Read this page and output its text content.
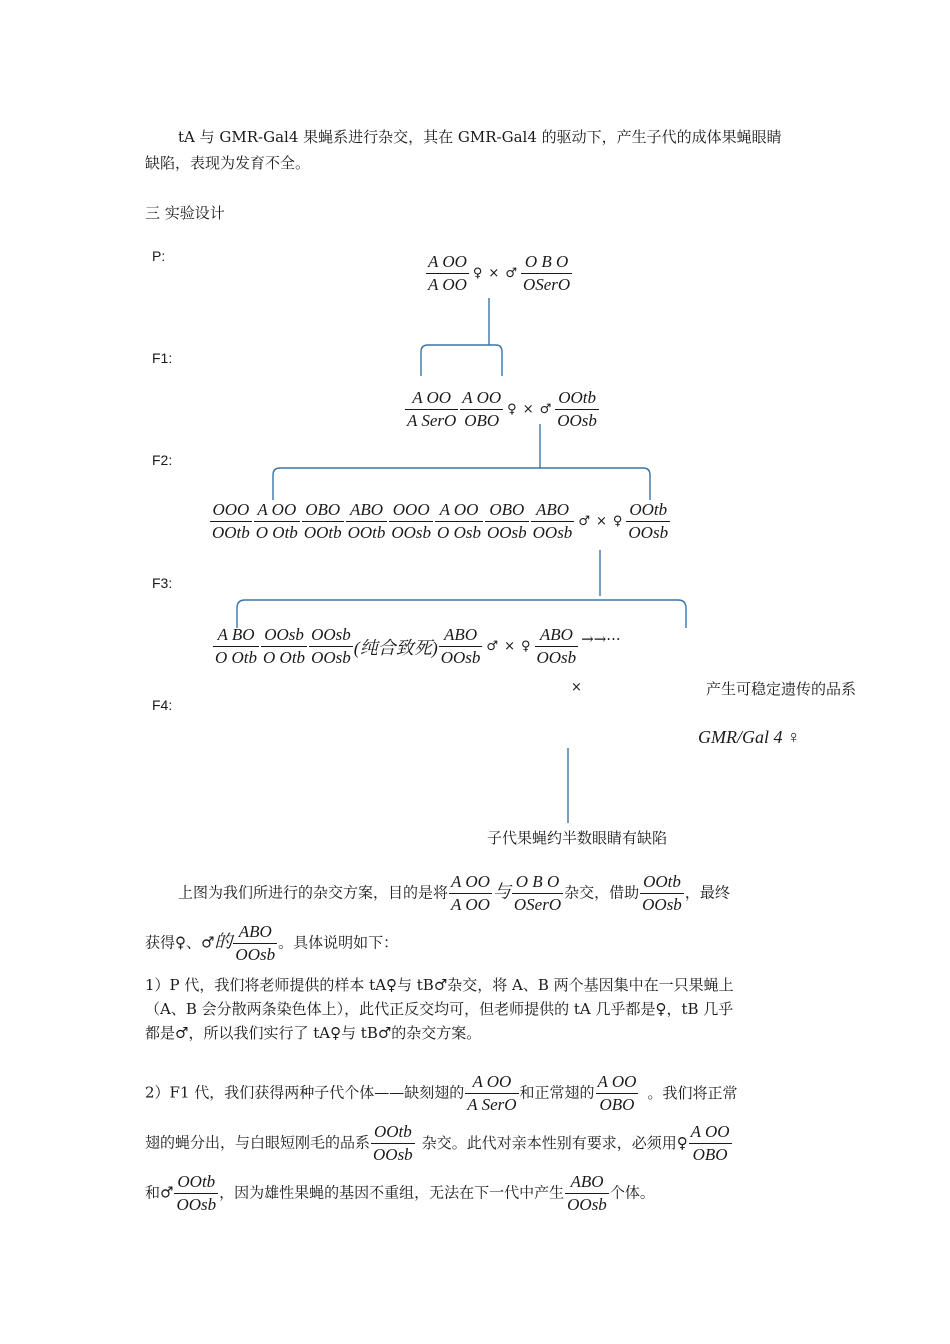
tA 与 GMR-Gal4 果蝇系进行杂交，其在 GMR-Gal4 的驱动下，产生子代的成体果蝇眼睛
缺陷，表现为发育不全。
三 实验设计
P:
F1:
F2:
F3:
F4:
$\frac{\text{A OO}}{\text{A OO}}$ ♀ × ♂ $\frac{\text{O B O}}{\text{OSerO}}$
$\frac{\text{A OO}}{\text{A SerO}} \frac{\text{A OO}}{\text{OBO}}$ ♀ × ♂ $\frac{\text{OOtb}}{\text{OOsb}}$
$\frac{\text{OOO}}{\text{OOtb}} \frac{\text{A OO}}{\text{O Otb}} \frac{\text{OBO}}{\text{OOtb}} \frac{\text{ABO}}{\text{OOtb}} \frac{\text{OOO}}{\text{OOsb}} \frac{\text{A OO}}{\text{O Osb}} \frac{\text{OBO}}{\text{OOsb}} \frac{\text{ABO}}{\text{OOsb}}$ ♂ × ♀ $\frac{\text{OOtb}}{\text{OOsb}}$
$\frac{\text{A BO}}{\text{O Otb}} \frac{\text{OOsb}}{\text{O Otb}} \frac{\text{OOsb}}{\text{OOsb}}$ (纯合致死) $\frac{\text{ABO}}{\text{OOsb}}$ ♂ × ♀ $\frac{\text{ABO}}{\text{OOsb}}$ →→···
×	产生可稳定遗传的品系
GMR/Gal 4 ♀
子代果蝇约半数眼睛有缺陷
上图为我们所进行的杂交方案，目的是将 $\frac{\text{A OO}}{\text{A OO}}$ 与 $\frac{\text{O B O}}{\text{OSerO}}$ 杂交，借助 $\frac{\text{OOtb}}{\text{OOsb}}$ ，最终
获得♀、♂的 $\frac{\text{ABO}}{\text{OOsb}}$ 。具体说明如下：
1）P 代，我们将老师提供的样本 tA♀与 tB♂杂交，将 A、B 两个基因集中在一只果蝇上
（A、B 会分散两条染色体上），此代正反交均可，但老师提供的 tA 几乎都是♀，tB 几乎
都是♂，所以我们实行了 tA♀与 tB♂的杂交方案。
2）F1 代，我们获得两种子代个体——缺刻翅的 $\frac{\text{A OO}}{\text{A SerO}}$ 和正常翅的 $\frac{\text{A OO}}{\text{OBO}}$ 。我们将正常
翅的蝇分出，与白眼短刚毛的品系 $\frac{\text{OOtb}}{\text{OOsb}}$ 杂交。此代对亲本性别有要求，必须用♀ $\frac{\text{A OO}}{\text{OBO}}$
和♂ $\frac{\text{OOtb}}{\text{OOsb}}$ ，因为雄性果蝇的基因不重组，无法在下一代中产生 $\frac{\text{ABO}}{\text{OOsb}}$ 个体。
